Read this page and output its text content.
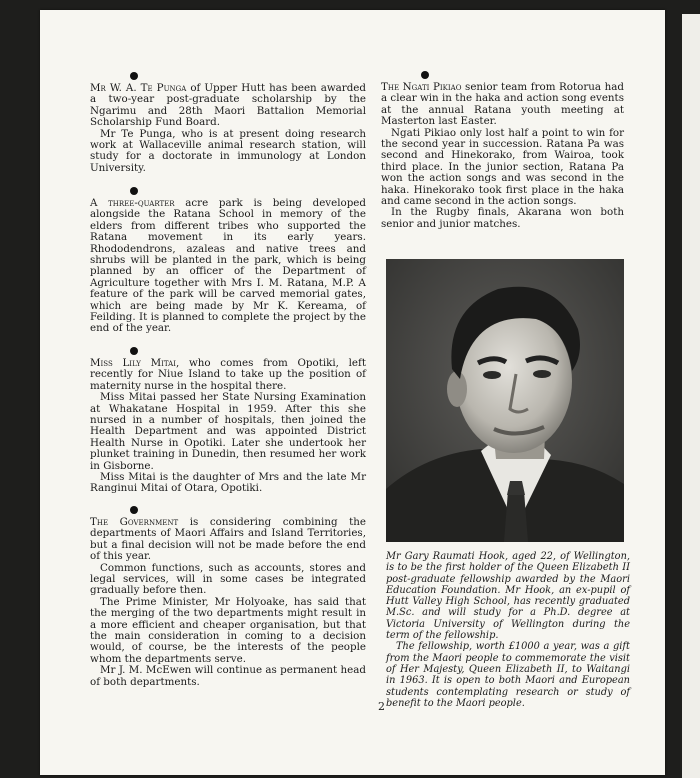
Mr W. A. Te Punga of Upper Hutt has been awarded a two-year post-graduate scholarship by the Ngarimu and 28th Maori Battalion Memorial Scholarship Fund Board.

Mr Te Punga, who is at present doing research work at Wallaceville animal research station, will study for a doctorate in immunology at London University.

A three-quarter acre park is being developed alongside the Ratana School in memory of the elders from different tribes who supported the Ratana movement in its early years. Rhododendrons, azaleas and native trees and shrubs will be planted in the park, which is being planned by an officer of the Department of Agriculture together with Mrs I. M. Ratana, M.P. A feature of the park will be carved memorial gates, which are being made by Mr K. Kereama, of Feilding. It is planned to complete the project by the end of the year.

Miss Lily Mitai, who comes from Opotiki, left recently for Niue Island to take up the position of maternity nurse in the hospital there.

Miss Mitai passed her State Nursing Examination at Whakatane Hospital in 1959. After this she nursed in a number of hospitals, then joined the Health Department and was appointed District Health Nurse in Opotiki. Later she undertook her plunket training in Dunedin, then resumed her work in Gisborne.

Miss Mitai is the daughter of Mrs and the late Mr Ranginui Mitai of Otara, Opotiki.

The Government is considering combining the departments of Maori Affairs and Island Territories, but a final decision will not be made before the end of this year.

Common functions, such as accounts, stores and legal services, will in some cases be integrated gradually before then.

The Prime Minister, Mr Holyoake, has said that the merging of the two departments might result in a more efficient and cheaper organisation, but that the main consideration in coming to a decision would, of course, be the interests of the people whom the departments serve.

Mr J. M. McEwen will continue as permanent head of both departments.

The Ngati Pikiao senior team from Rotorua had a clear win in the haka and action song events at the annual Ratana youth meeting at Masterton last Easter.

Ngati Pikiao only lost half a point to win for the second year in succession. Ratana Pa was second and Hinekorako, from Wairoa, took third place. In the junior section, Ratana Pa won the action songs and was second in the haka. Hinekorako took first place in the haka and came second in the action songs.

In the Rugby finals, Akarana won both senior and junior matches.

Mr Gary Raumati Hook, aged 22, of Wellington, is to be the first holder of the Queen Elizabeth II post-graduate fellowship awarded by the Maori Education Foundation. Mr Hook, an ex-pupil of Hutt Valley High School, has recently graduated M.Sc. and will study for a Ph.D. degree at Victoria University of Wellington during the term of the fellowship.

The fellowship, worth £1000 a year, was a gift from the Maori people to commemorate the visit of Her Majesty, Queen Elizabeth II, to Waitangi in 1963. It is open to both Maori and European students contemplating research or study of benefit to the Maori people.

2
